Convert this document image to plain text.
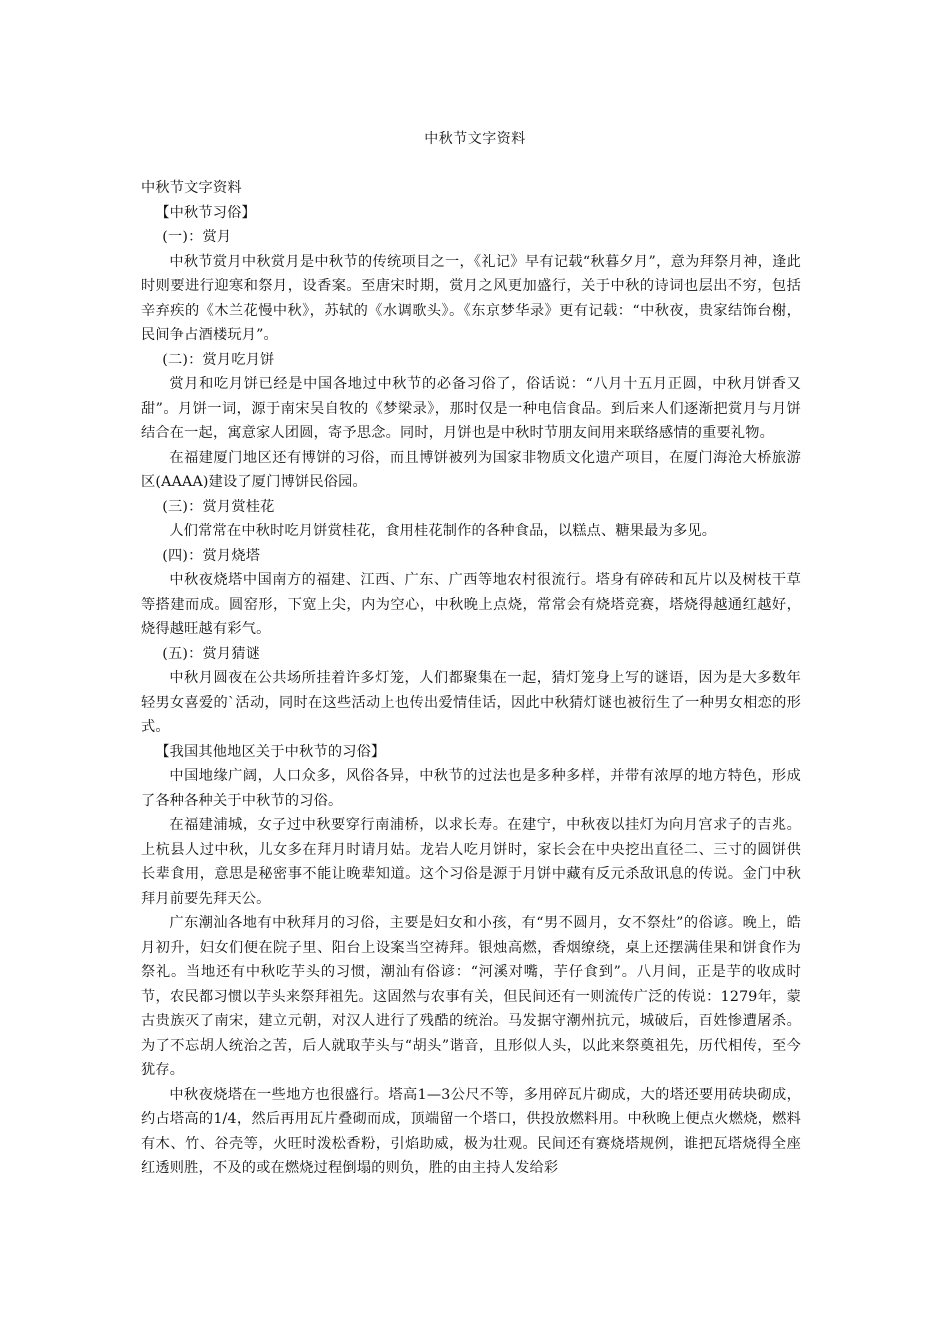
中秋节文字资料

中秋节文字资料

【中秋节习俗】

(一)：赏月

中秋节赏月中秋赏月是中秋节的传统项目之一，《礼记》早有记载“秋暮夕月”，意为拜祭月神，逢此时则要进行迎寒和祭月，设香案。至唐宋时期，赏月之风更加盛行，关于中秋的诗词也层出不穷，包括辛弃疾的《木兰花慢中秋》，苏轼的《水调歌头》。《东京梦华录》更有记载：“中秋夜，贵家结饰台榭，民间争占酒楼玩月”。

(二)：赏月吃月饼

赏月和吃月饼已经是中国各地过中秋节的必备习俗了，俗话说：“八月十五月正圆，中秋月饼香又甜”。月饼一词，源于南宋吴自牧的《梦梁录》，那时仅是一种电信食品。到后来人们逐渐把赏月与月饼结合在一起，寓意家人团圆，寄予思念。同时，月饼也是中秋时节朋友间用来联络感情的重要礼物。

在福建厦门地区还有博饼的习俗，而且博饼被列为国家非物质文化遗产项目，在厦门海沧大桥旅游区(AAAA)建设了厦门博饼民俗园。

(三)：赏月赏桂花

人们常常在中秋时吃月饼赏桂花，食用桂花制作的各种食品，以糕点、糖果最为多见。

(四)：赏月烧塔

中秋夜烧塔中国南方的福建、江西、广东、广西等地农村很流行。塔身有碎砖和瓦片以及树枝干草等搭建而成。圆窑形，下宽上尖，内为空心，中秋晚上点烧，常常会有烧塔竞赛，塔烧得越通红越好，烧得越旺越有彩气。

(五)：赏月猜谜

中秋月圆夜在公共场所挂着许多灯笼，人们都聚集在一起，猜灯笼身上写的谜语，因为是大多数年轻男女喜爱的`活动，同时在这些活动上也传出爱情佳话，因此中秋猜灯谜也被衍生了一种男女相恋的形式。

【我国其他地区关于中秋节的习俗】

中国地缘广阔，人口众多，风俗各异，中秋节的过法也是多种多样，并带有浓厚的地方特色，形成了各种各种关于中秋节的习俗。

在福建浦城，女子过中秋要穿行南浦桥，以求长寿。在建宁，中秋夜以挂灯为向月宫求子的吉兆。上杭县人过中秋，儿女多在拜月时请月姑。龙岩人吃月饼时，家长会在中央挖出直径二、三寸的圆饼供长辈食用，意思是秘密事不能让晚辈知道。这个习俗是源于月饼中藏有反元杀敌讯息的传说。金门中秋拜月前要先拜天公。

广东潮汕各地有中秋拜月的习俗，主要是妇女和小孩，有“男不圆月，女不祭灶”的俗谚。晚上，皓月初升，妇女们便在院子里、阳台上设案当空祷拜。银烛高燃，香烟缭绕，桌上还摆满佳果和饼食作为祭礼。当地还有中秋吃芋头的习惯，潮汕有俗谚：“河溪对嘴，芋仔食到”。八月间，正是芋的收成时节，农民都习惯以芋头来祭拜祖先。这固然与农事有关，但民间还有一则流传广泛的传说：1279年，蒙古贵族灭了南宋，建立元朝，对汉人进行了残酷的统治。马发据守潮州抗元，城破后，百姓惨遭屠杀。为了不忘胡人统治之苦，后人就取芋头与“胡头”谐音，且形似人头，以此来祭奠祖先，历代相传，至今犹存。

中秋夜烧塔在一些地方也很盛行。塔高1—3公尺不等，多用碎瓦片砌成，大的塔还要用砖块砌成，约占塔高的1/4，然后再用瓦片叠砌而成，顶端留一个塔口，供投放燃料用。中秋晚上便点火燃烧，燃料有木、竹、谷壳等，火旺时泼松香粉，引焰助威，极为壮观。民间还有赛烧塔规例，谁把瓦塔烧得全座红透则胜，不及的或在燃烧过程倒塌的则负，胜的由主持人发给彩
